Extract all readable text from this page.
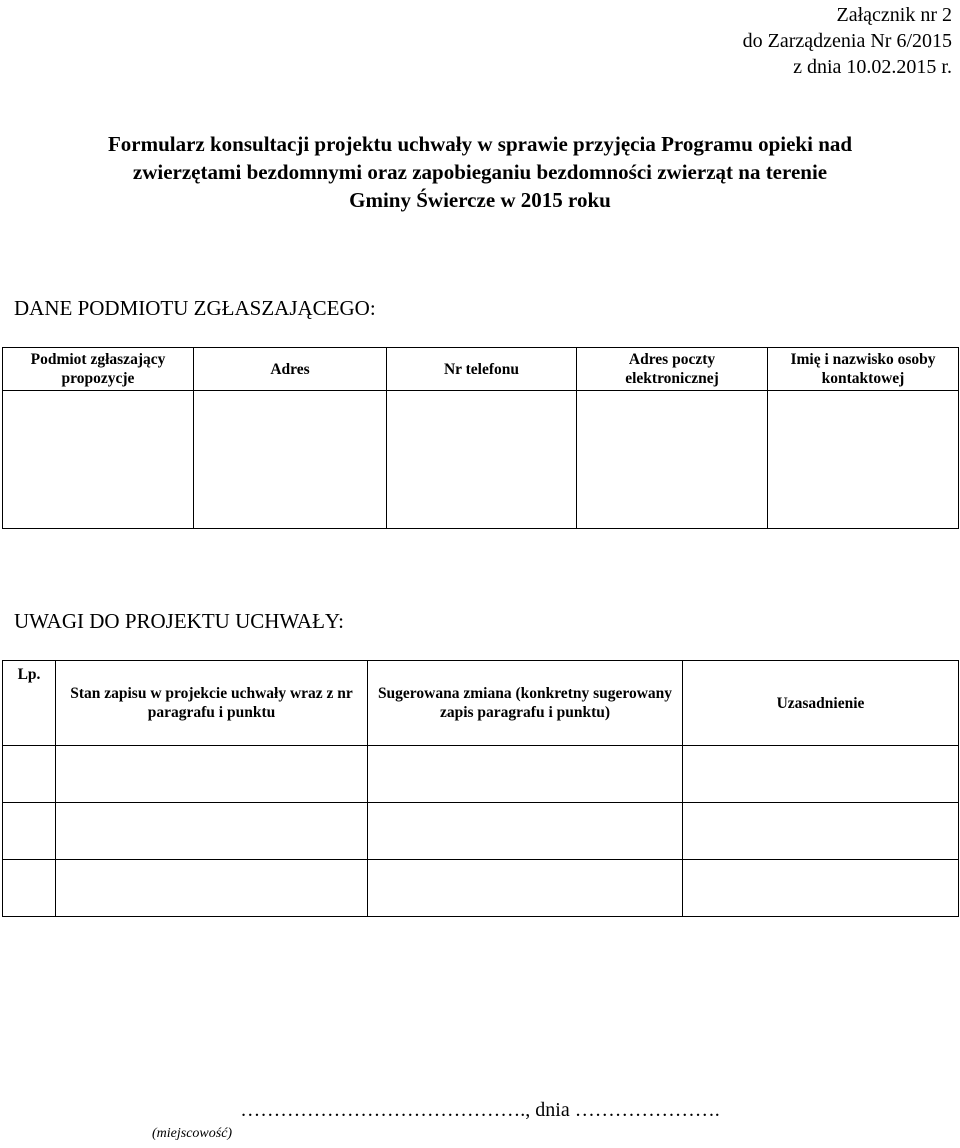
Załącznik nr 2
do Zarządzenia Nr 6/2015
z dnia 10.02.2015 r.
Formularz konsultacji projektu uchwały w sprawie przyjęcia Programu opieki nad
zwierzętami bezdomnymi oraz zapobieganiu bezdomności zwierząt na terenie
Gminy Świercze w 2015 roku
DANE PODMIOTU ZGŁASZAJĄCEGO:
Podmiot zgłaszający propozycje	Adres	Nr telefonu	Adres poczty elektronicznej	Imię i nazwisko osoby kontaktowej

UWAGI DO PROJEKTU UCHWAŁY:
Lp.	Stan zapisu w projekcie uchwały wraz z nr paragrafu i punktu	Sugerowana zmiana (konkretny sugerowany zapis paragrafu i punktu)	Uzasadnienie

……………………………………., dnia ………………….
(miejscowość)
